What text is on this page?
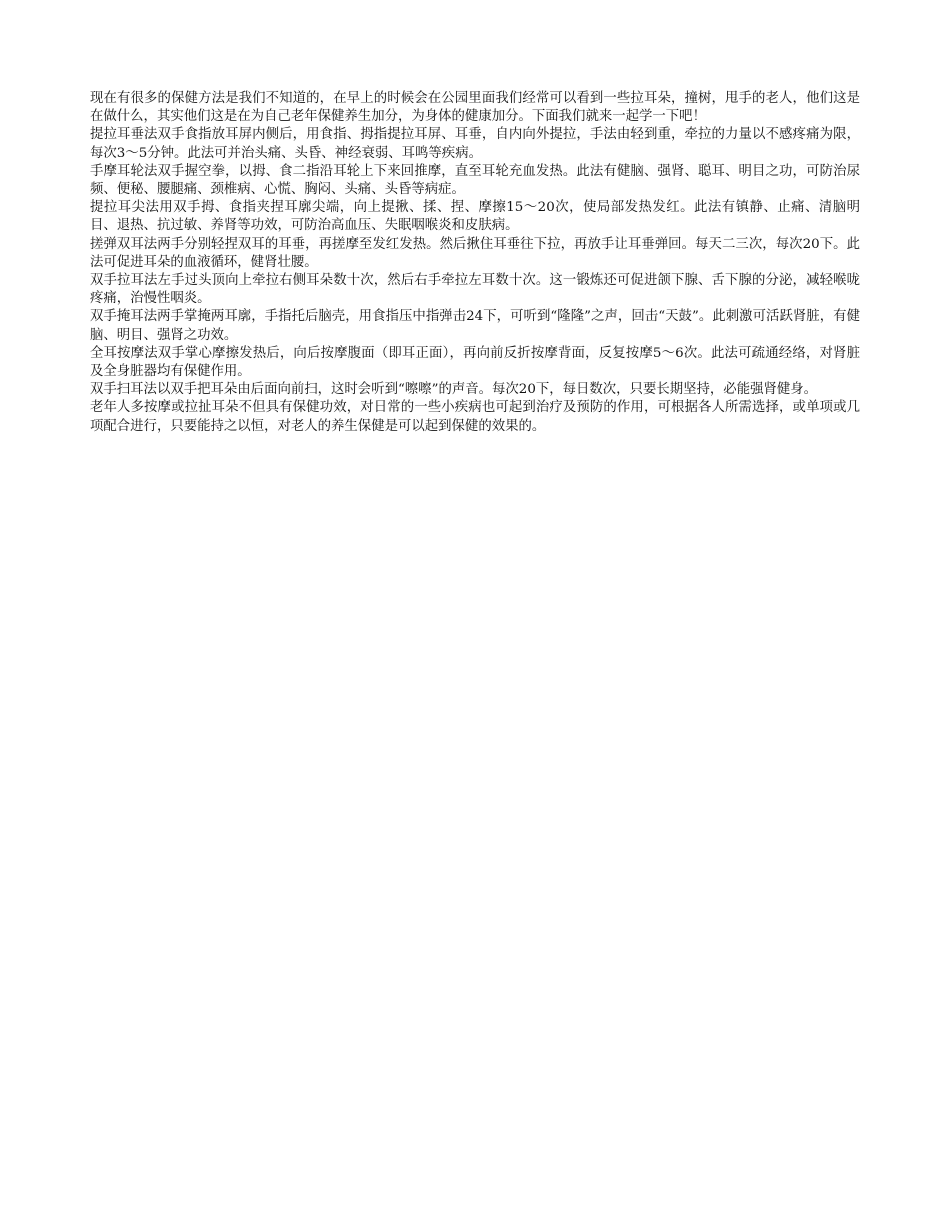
现在有很多的保健方法是我们不知道的，在早上的时候会在公园里面我们经常可以看到一些拉耳朵，撞树，甩手的老人，他们这是在做什么，其实他们这是在为自己老年保健养生加分，为身体的健康加分。下面我们就来一起学一下吧！

提拉耳垂法双手食指放耳屏内侧后，用食指、拇指提拉耳屏、耳垂，自内向外提拉，手法由轻到重，牵拉的力量以不感疼痛为限，每次3～5分钟。此法可并治头痛、头昏、神经衰弱、耳鸣等疾病。

手摩耳轮法双手握空拳，以拇、食二指沿耳轮上下来回推摩，直至耳轮充血发热。此法有健脑、强肾、聪耳、明目之功，可防治尿频、便秘、腰腿痛、颈椎病、心慌、胸闷、头痛、头昏等病症。

提拉耳尖法用双手拇、食指夹捏耳廓尖端，向上提揪、揉、捏、摩擦15～20次，使局部发热发红。此法有镇静、止痛、清脑明目、退热、抗过敏、养肾等功效，可防治高血压、失眠咽喉炎和皮肤病。

搓弹双耳法两手分别轻捏双耳的耳垂，再搓摩至发红发热。然后揪住耳垂往下拉，再放手让耳垂弹回。每天二三次，每次20下。此法可促进耳朵的血液循环，健肾壮腰。

双手拉耳法左手过头顶向上牵拉右侧耳朵数十次，然后右手牵拉左耳数十次。这一锻炼还可促进颌下腺、舌下腺的分泌，减轻喉咙疼痛，治慢性咽炎。

双手掩耳法两手掌掩两耳廓，手指托后脑壳，用食指压中指弹击24下，可听到“隆隆”之声，回击“天鼓”。此刺激可活跃肾脏，有健脑、明目、强肾之功效。

全耳按摩法双手掌心摩擦发热后，向后按摩腹面（即耳正面），再向前反折按摩背面，反复按摩5～6次。此法可疏通经络，对肾脏及全身脏器均有保健作用。

双手扫耳法以双手把耳朵由后面向前扫，这时会听到“嚓嚓”的声音。每次20下，每日数次，只要长期坚持，必能强肾健身。

老年人多按摩或拉扯耳朵不但具有保健功效，对日常的一些小疾病也可起到治疗及预防的作用，可根据各人所需选择，或单项或几项配合进行，只要能持之以恒，对老人的养生保健是可以起到保健的效果的。
